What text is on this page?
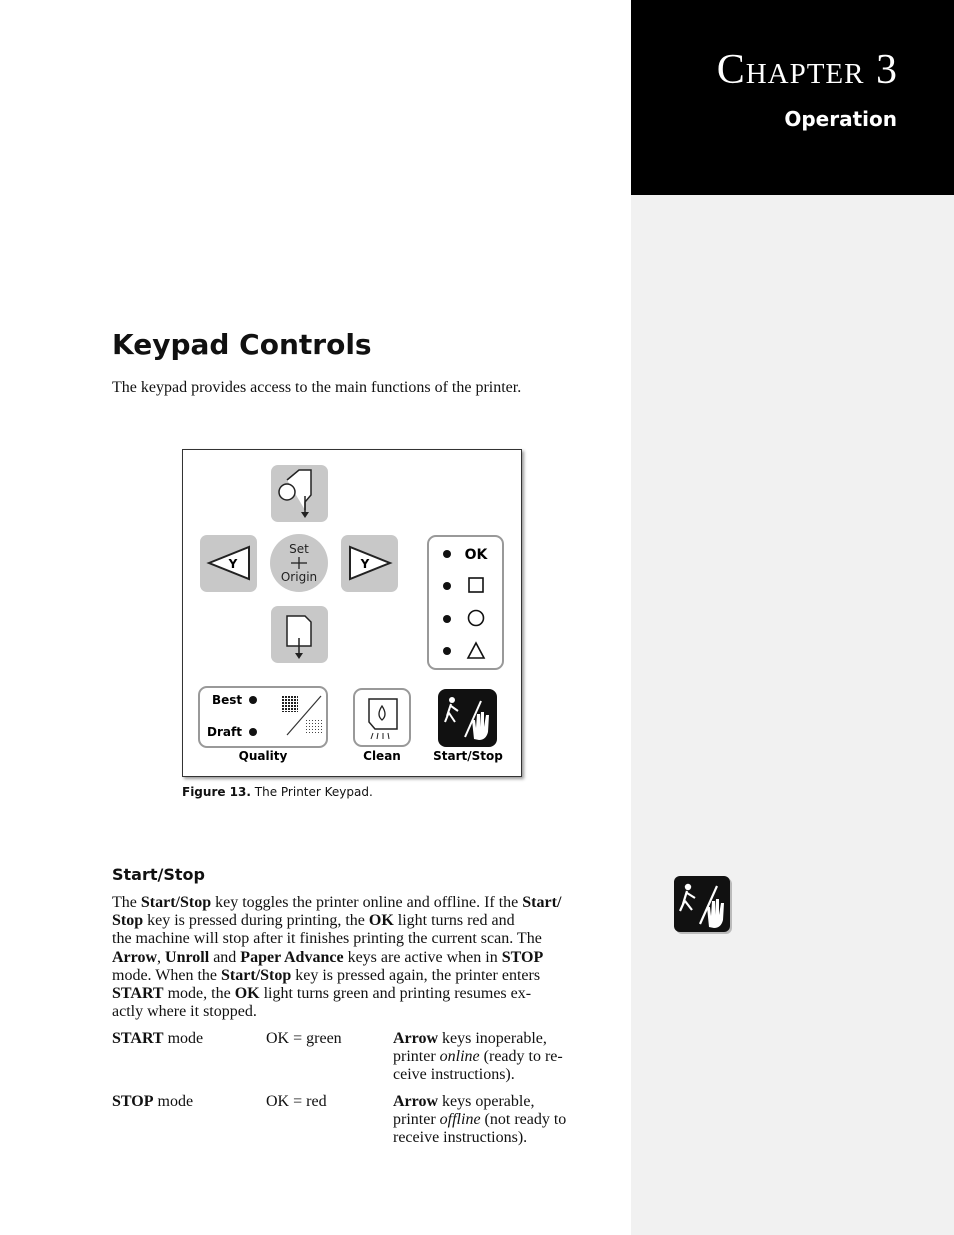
Chapter 3
Operation
Keypad Controls
The keypad provides access to the main functions of the printer.
Y
Set
Origin
Y
OK
Best
Draft
Quality	Clean	Start/Stop
Figure 13. The Printer Keypad.
Start/Stop
The Start/Stop key toggles the printer online and offline. If the Start/
Stop key is pressed during printing, the OK light turns red and
the machine will stop after it finishes printing the current scan. The
Arrow, Unroll and Paper Advance keys are active when in STOP
mode. When the Start/Stop key is pressed again, the printer enters
START mode, the OK light turns green and printing resumes ex-
actly where it stopped.
START mode	OK = green	Arrow keys inoperable,
printer online (ready to re-
ceive instructions).
STOP mode	OK = red	Arrow keys operable,
printer offline (not ready to
receive instructions).
